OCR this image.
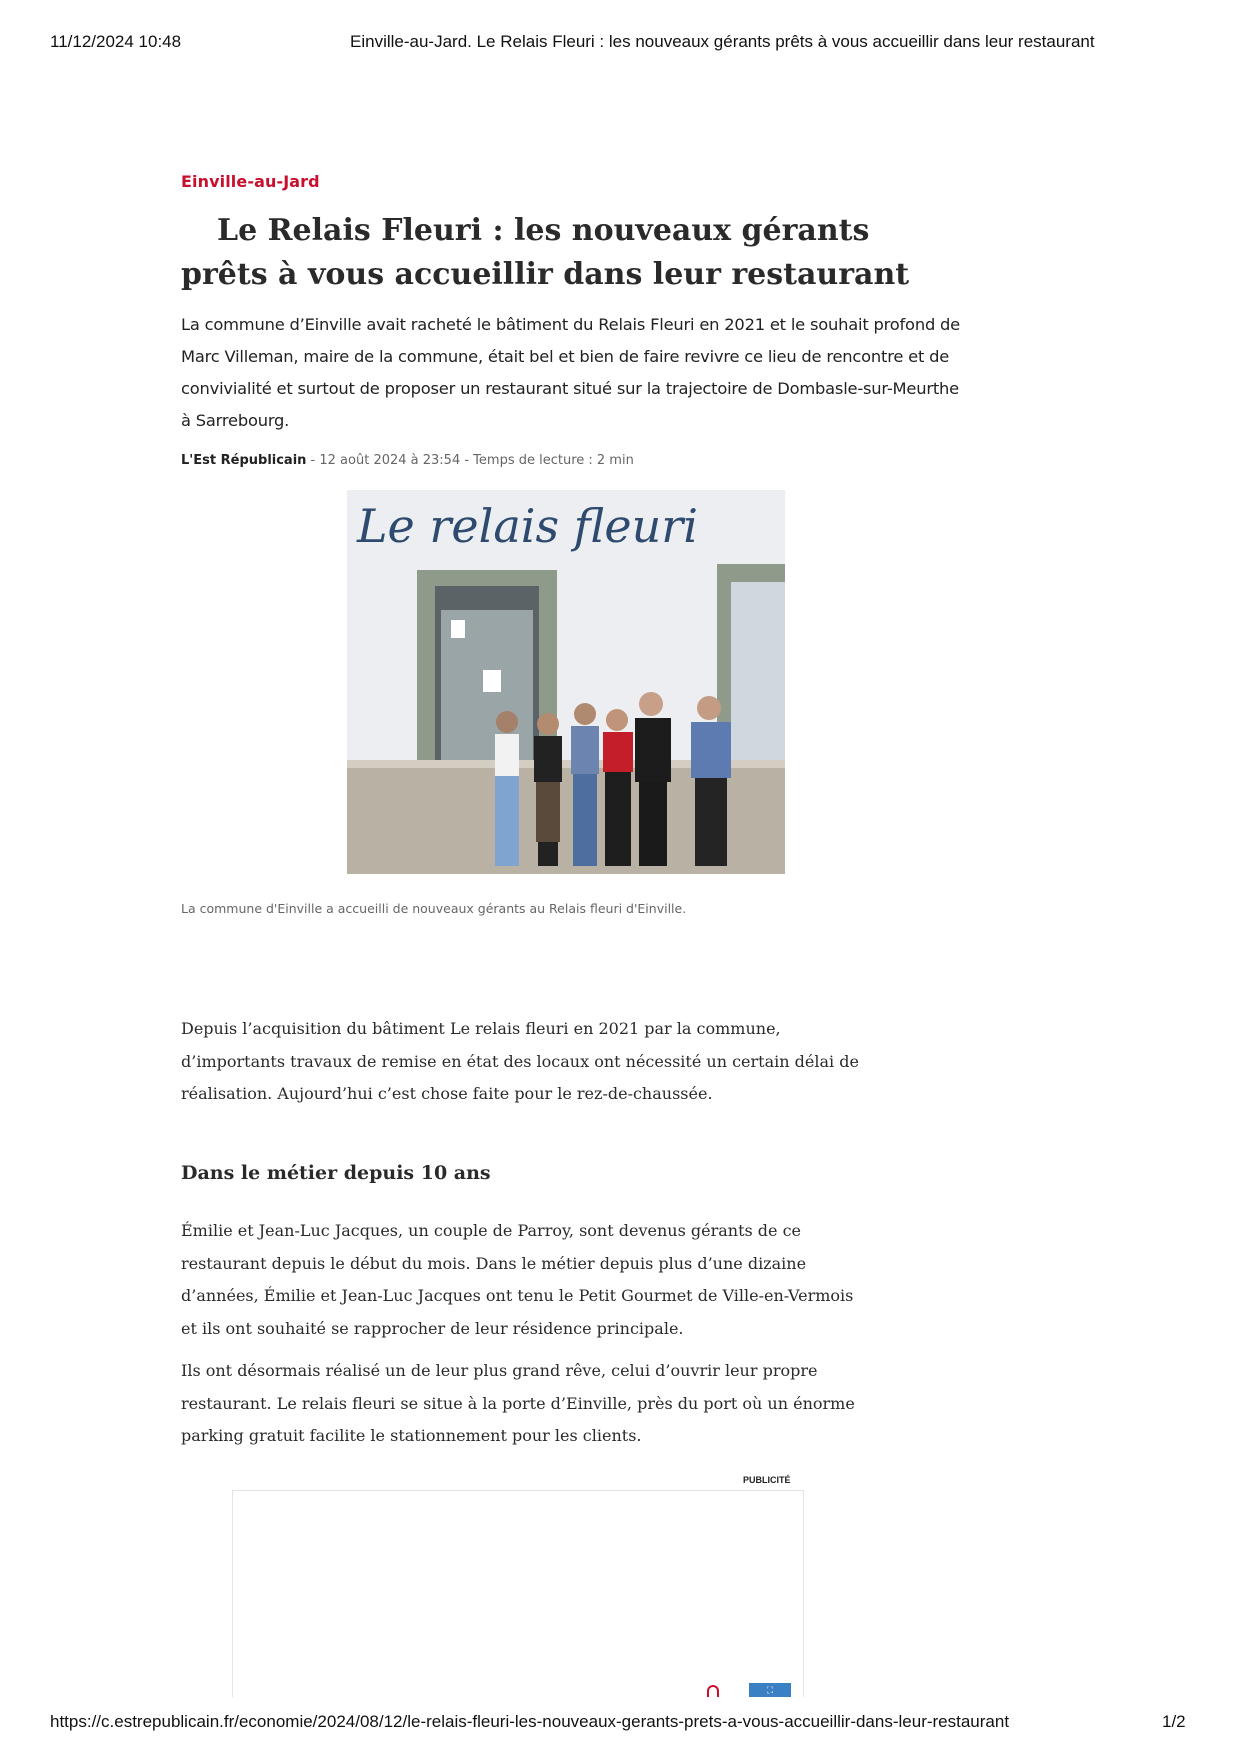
11/12/2024 10:48	Einville-au-Jard. Le Relais Fleuri : les nouveaux gérants prêts à vous accueillir dans leur restaurant
Einville-au-Jard
Le Relais Fleuri : les nouveaux gérants prêts à vous accueillir dans leur restaurant

La commune d’Einville avait racheté le bâtiment du Relais Fleuri en 2021 et le souhait profond de Marc Villeman, maire de la commune, était bel et bien de faire revivre ce lieu de rencontre et de convivialité et surtout de proposer un restaurant situé sur la trajectoire de Dombasle-sur-Meurthe à Sarrebourg.

L'Est Républicain - 12 août 2024 à 23:54 - Temps de lecture : 2 min
Le relais fleuri
La commune d'Einville a accueilli de nouveaux gérants au Relais fleuri d'Einville.

Depuis l’acquisition du bâtiment Le relais fleuri en 2021 par la commune, d’importants travaux de remise en état des locaux ont nécessité un certain délai de réalisation. Aujourd’hui c’est chose faite pour le rez-de-chaussée.

Dans le métier depuis 10 ans

Émilie et Jean-Luc Jacques, un couple de Parroy, sont devenus gérants de ce restaurant depuis le début du mois. Dans le métier depuis plus d’une dizaine d’années, Émilie et Jean-Luc Jacques ont tenu le Petit Gourmet de Ville-en-Vermois et ils ont souhaité se rapprocher de leur résidence principale.

Ils ont désormais réalisé un de leur plus grand rêve, celui d’ouvrir leur propre restaurant. Le relais fleuri se situe à la porte d’Einville, près du port où un énorme parking gratuit facilite le stationnement pour les clients.

PUBLICITÉ
⛶
https://c.estrepublicain.fr/economie/2024/08/12/le-relais-fleuri-les-nouveaux-gerants-prets-a-vous-accueillir-dans-leur-restaurant	1/2
